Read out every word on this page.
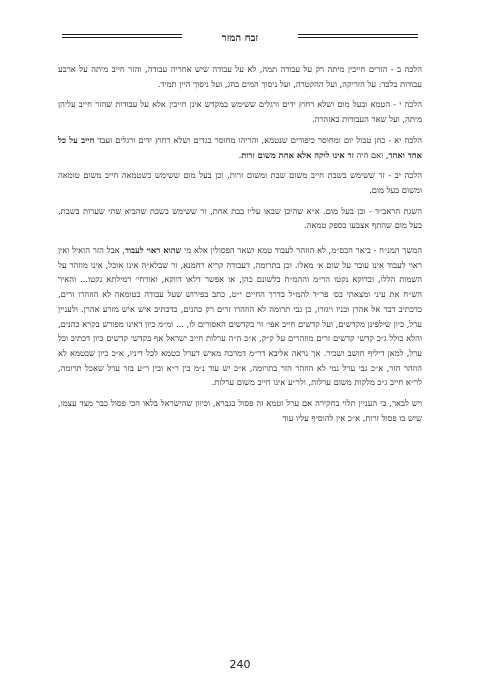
זבח המזר

הלכה ב - הזרים חייבין מיתה רק על עבודה תמה, לא על עבודה שיש אחריה עבודה, והזר חייב מיתה על ארבע עבודות בלבד: על הזריקה, ועל ההקטרה, ועל ניסוך המים בחג, ועל ניסוך היין תמיד.

הלכה י - הטמא ובעל מום ושלא רחוץ ידים ורגלים ששימש במקדש אינן חייבין אלא על עבודות שהזר חייב עליהן מיתה, ועל שאר העבודות באזהרה.

הלכה יא - כהן טבול יום ומחוסר כיפורים שנטמא, והריהו מחוסר בגדים ושלא רחוץ ידים ורגלים ועבד חייב על כל אחד ואחד, ואם היה זר אינו לוקה אלא אחת משום זרות.

הלכה יב - זר ששימש בשבת חייב משום שבת ומשום זרות, וכן בעל מום ששימש כשטמאה חייב משום טומאה ומשום בעל מום.

השגת הראב״ד - וכן בעל מום. א״א שהיכן שבאו עליו בבת אחת, זר ששימש בשבת שהביא שתי שערות בשבת, בעל מום שהתף אצבעו בספק טמאה.

המשך המנ״ח - ביאר הכס״מ, לא הוזהר לעבוד טמא ושאר הפסולין אלא מי שהוא ראוי לעבוד, אבל הזר הואיל ואין ראוי לעבוד אינו עובר על שום א׳ מאלו. וכן בתרומה, דעבודה קריא רחמנא, זר שבלא״ה אינו אוכל, אינו מוזהר על השמות הללו, ובדוקא נקטו הר״מ וההמ״ח בלשונם כהן, או אפשר דלאו דווקא, ואורחי׳ דמילתא נקטו... והאיר הש״ח את עיני ומצאתי בס׳ פר״ד להמ״ל בדרך החיים י״ט, כתב בפירוש שעל עבודה בטומאה לא הוזהרו זרים, כדכתיב דבר אל אהרן ובניו ויגזרו, כן גבי תרומה לא הוזהרו זרים רק כהנים, כדכתיב איש איש מזרע אהרן. ולעניין ערל, כיון שילפינן מקדשים, ועל קדשים חייב אפי׳ זר בקדשים האסורים לו, ... ומ״מ כיון דאינו מפורש בקרא כהנים, והלא כולל ג״כ קדשי קדשים זרים מוזהרים על ק״ק, א״כ ה״ה ערלות חייב ישראל אף בקדשי קדשים כיון דכתיב וכל ערל, למאן דיליף חושב ושכיר. אך נראה אליבא דר״מ דמרבה מאיש דערל כטמא לכל דיניו, א״כ כיון שבטמא לא הוזהר הזר, א״כ גבי ערל נמי לא הוזהר הזר בתרומה, א״כ יש עוד נ״מ בין ר״א ובין ר״ע בזר ערל שאכל תרומה, לר״א חייב ג״כ מלקות משום ערלות, ולר״ע אינו חייב משום ערלות.

ויש לבאר, כי העניין תלוי בחקירה אם ערל וטמא זה פסול בגברא, וכיוון שהישראל בלאו הכי פסול כבר מצד עצמו, שיש בו פסול זרות, א״כ אין להוסיף עליו עוד

240
